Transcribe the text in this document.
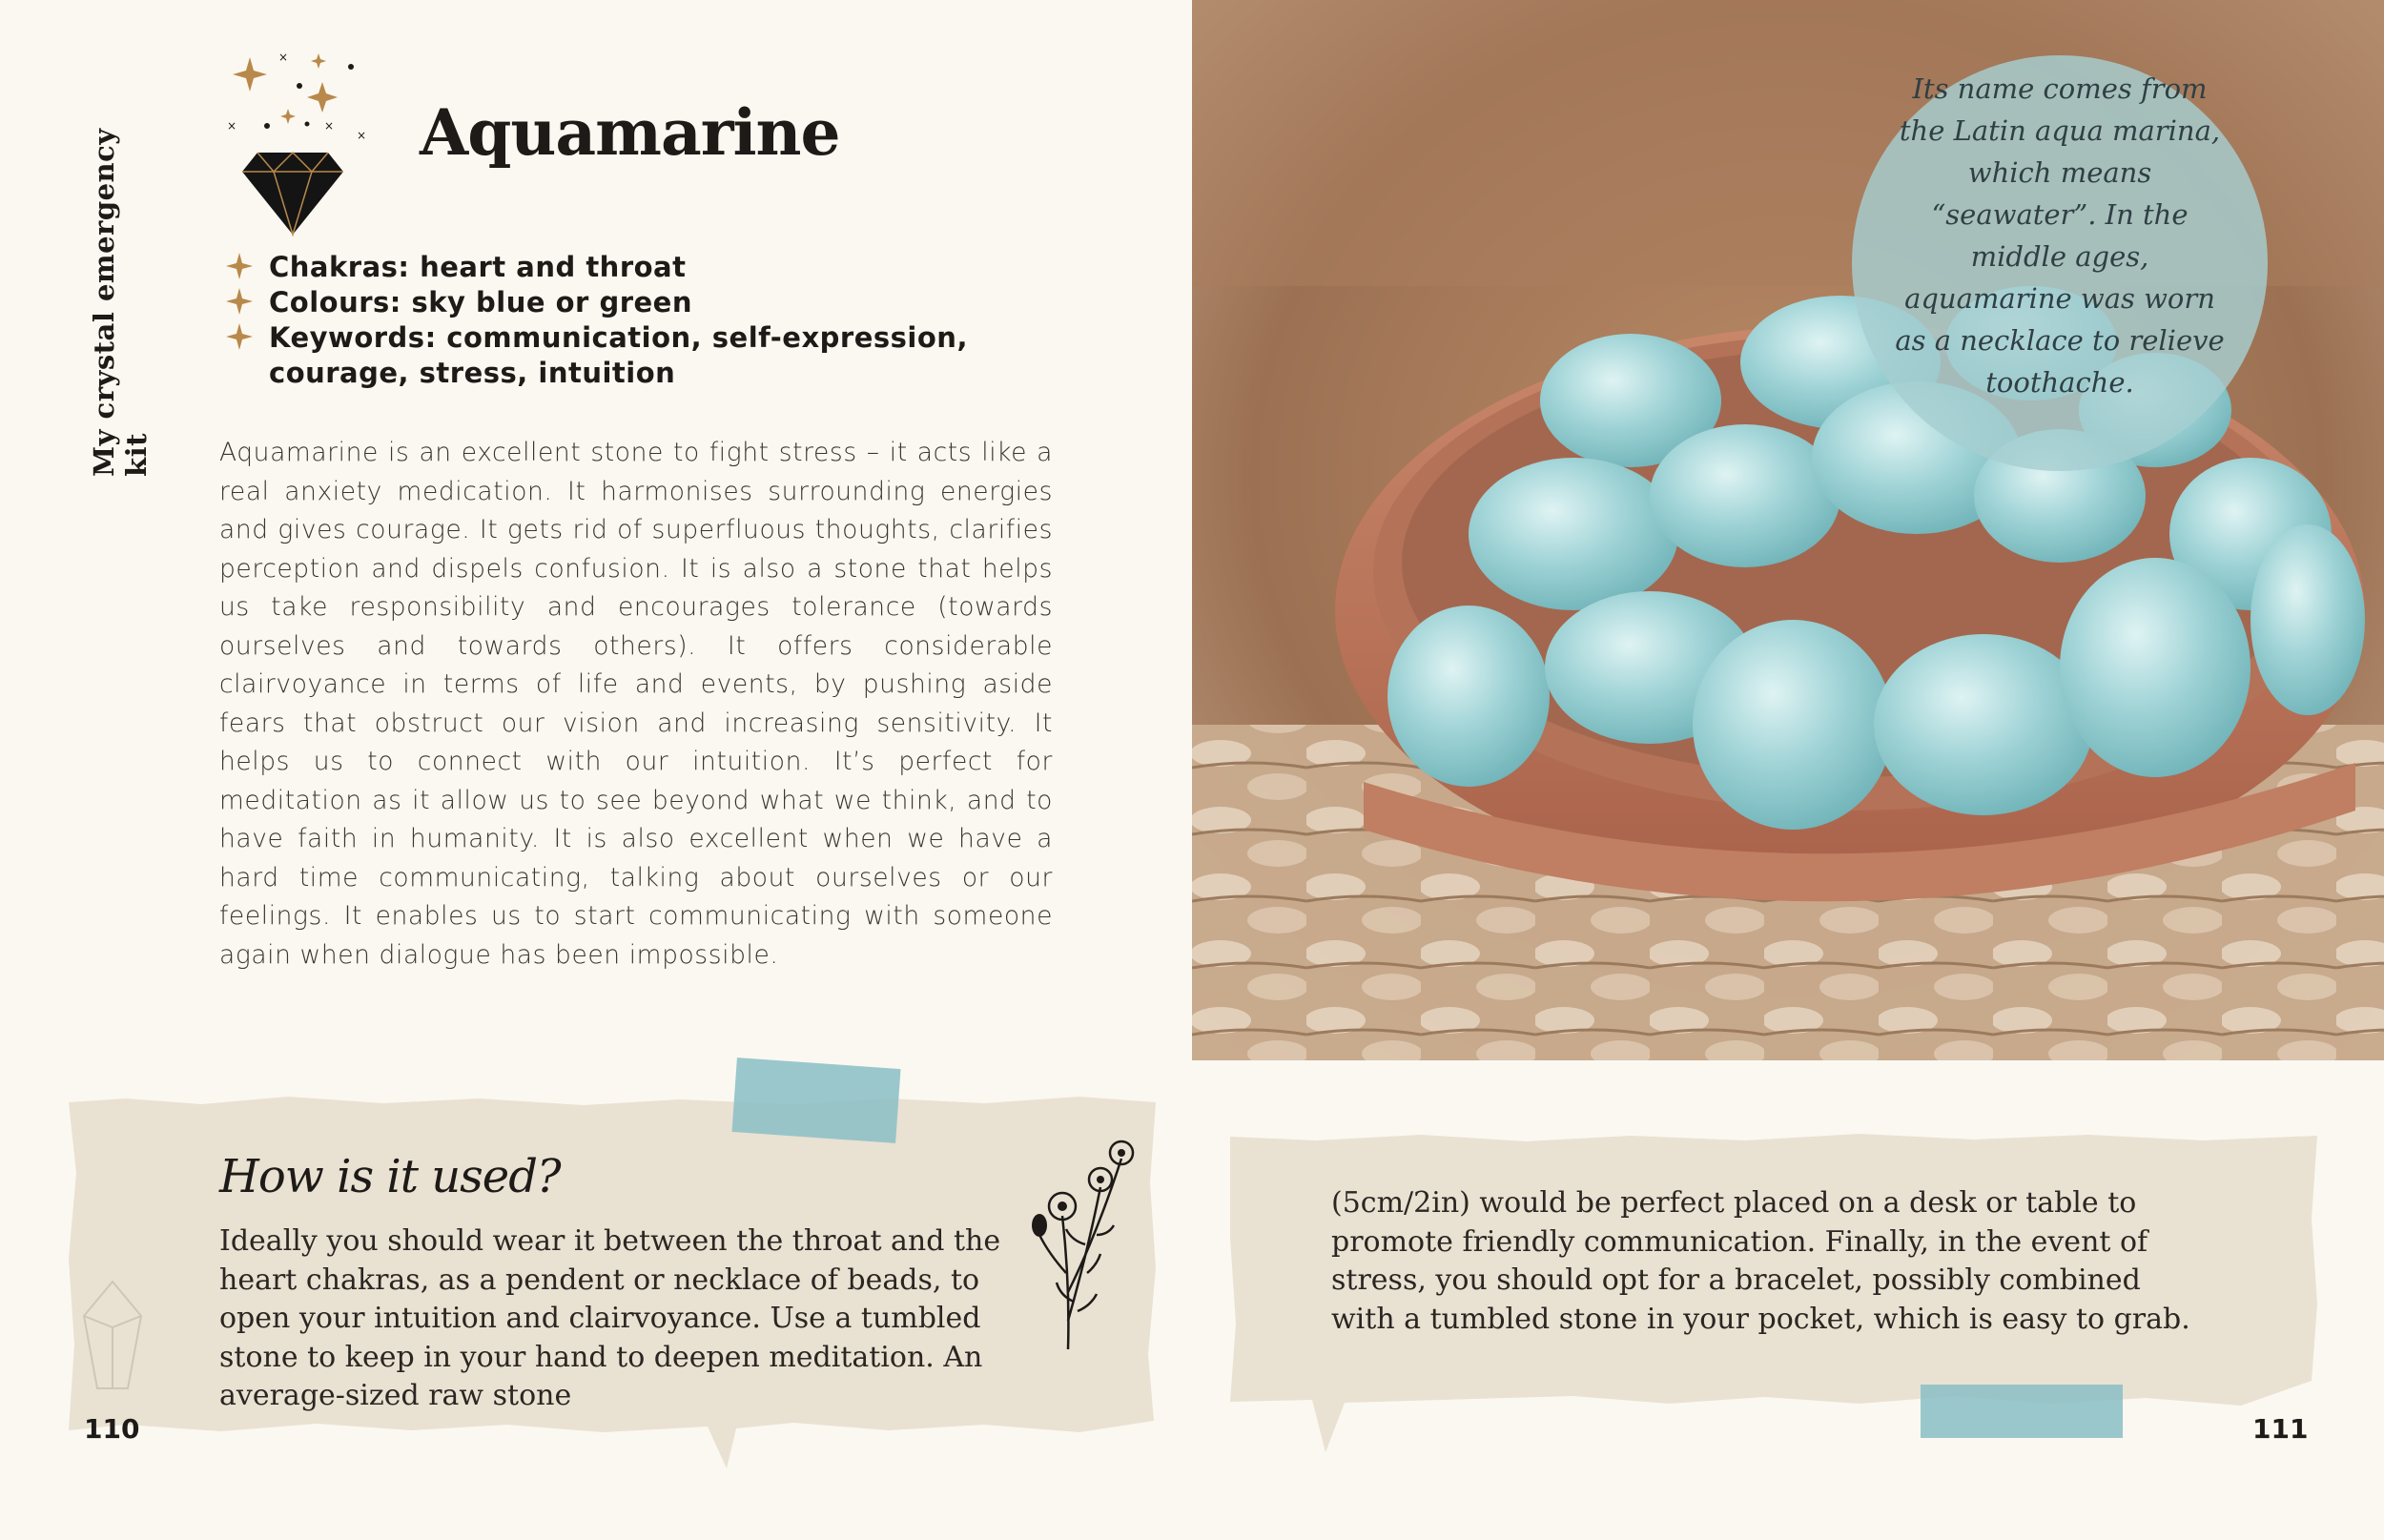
My crystal emergency kit
×
×
×
× Aquamarine
Chakras: heart and throat
Colours: sky blue or green
Keywords: communication, self-expression, courage, stress, intuition
Aquamarine is an excellent stone to fight stress – it acts like a real anxiety medication. It harmonises surrounding energies and gives courage. It gets rid of superfluous thoughts, clarifies perception and dispels confusion. It is also a stone that helps us take responsibility and encourages tolerance (towards ourselves and towards others). It offers considerable clairvoyance in terms of life and events, by pushing aside fears that obstruct our vision and increasing sensitivity. It helps us to connect with our intuition. It’s perfect for meditation as it allow us to see beyond what we think, and to have faith in humanity. It is also excellent when we have a hard time communicating, talking about ourselves or our feelings. It enables us to start communicating with someone again when dialogue has been impossible.
Its name comes from the Latin aqua marina, which means “seawater”. In the middle ages, aquamarine was worn as a necklace to relieve toothache.
How is it used?
Ideally you should wear it between the throat and the heart chakras, as a pendent or necklace of beads, to open your intuition and clairvoyance. Use a tumbled stone to keep in your hand to deepen meditation. An average-sized raw stone
(5cm/2in) would be perfect placed on a desk or table to promote friendly communication. Finally, in the event of stress, you should opt for a bracelet, possibly combined with a tumbled stone in your pocket, which is easy to grab.
110	111
